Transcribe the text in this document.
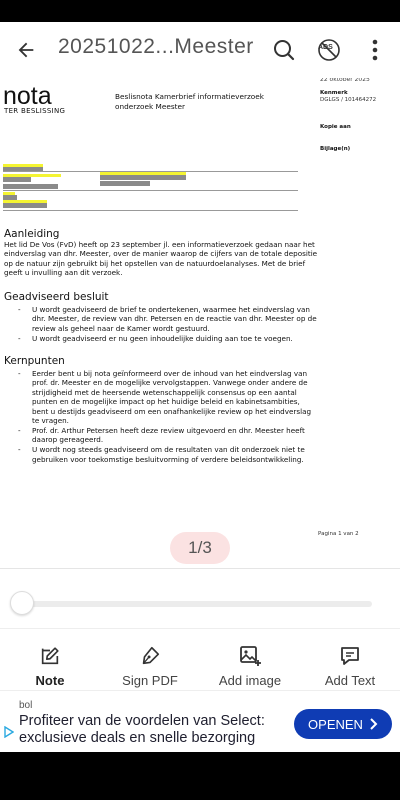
20251022...Meester	ADS
nota
TER BESLISSING
Beslisnota Kamerbrief informatieverzoek onderzoek Meester
22 oktober 2025
Kenmerk
DGLGS / 101464272
Kopie aan
Bijlage(n)
Aanleiding
Het lid De Vos (FvD) heeft op 23 september jl. een informatieverzoek gedaan naar het eindverslag van dhr. Meester, over de manier waarop de cijfers van de totale depositie op de natuur zijn gebruikt bij het opstellen van de natuurdoelanalyses. Met de brief geeft u invulling aan dit verzoek.
Geadviseerd besluit
- U wordt geadviseerd de brief te ondertekenen, waarmee het eindverslag van dhr. Meester, de review van dhr. Petersen en de reactie van dhr. Meester op de review als geheel naar de Kamer wordt gestuurd.
- U wordt geadviseerd er nu geen inhoudelijke duiding aan toe te voegen.
Kernpunten
- Eerder bent u bij nota geïnformeerd over de inhoud van het eindverslag van prof. dr. Meester en de mogelijke vervolgstappen. Vanwege onder andere de strijdigheid met de heersende wetenschappelijk consensus op een aantal punten en de mogelijke impact op het huidige beleid en kabinetsambities, bent u destijds geadviseerd om een onafhankelijke review op het eindverslag te vragen.
- Prof. dr. Arthur Petersen heeft deze review uitgevoerd en dhr. Meester heeft daarop gereageerd.
- U wordt nog steeds geadviseerd om de resultaten van dit onderzoek niet te gebruiken voor toekomstige besluitvorming of verdere beleidsontwikkeling.
Pagina 1 van 2
1/3
Note	Sign PDF	Add image	Add Text
bol
Profiteer van de voordelen van Select: exclusieve deals en snelle bezorging
OPENEN
